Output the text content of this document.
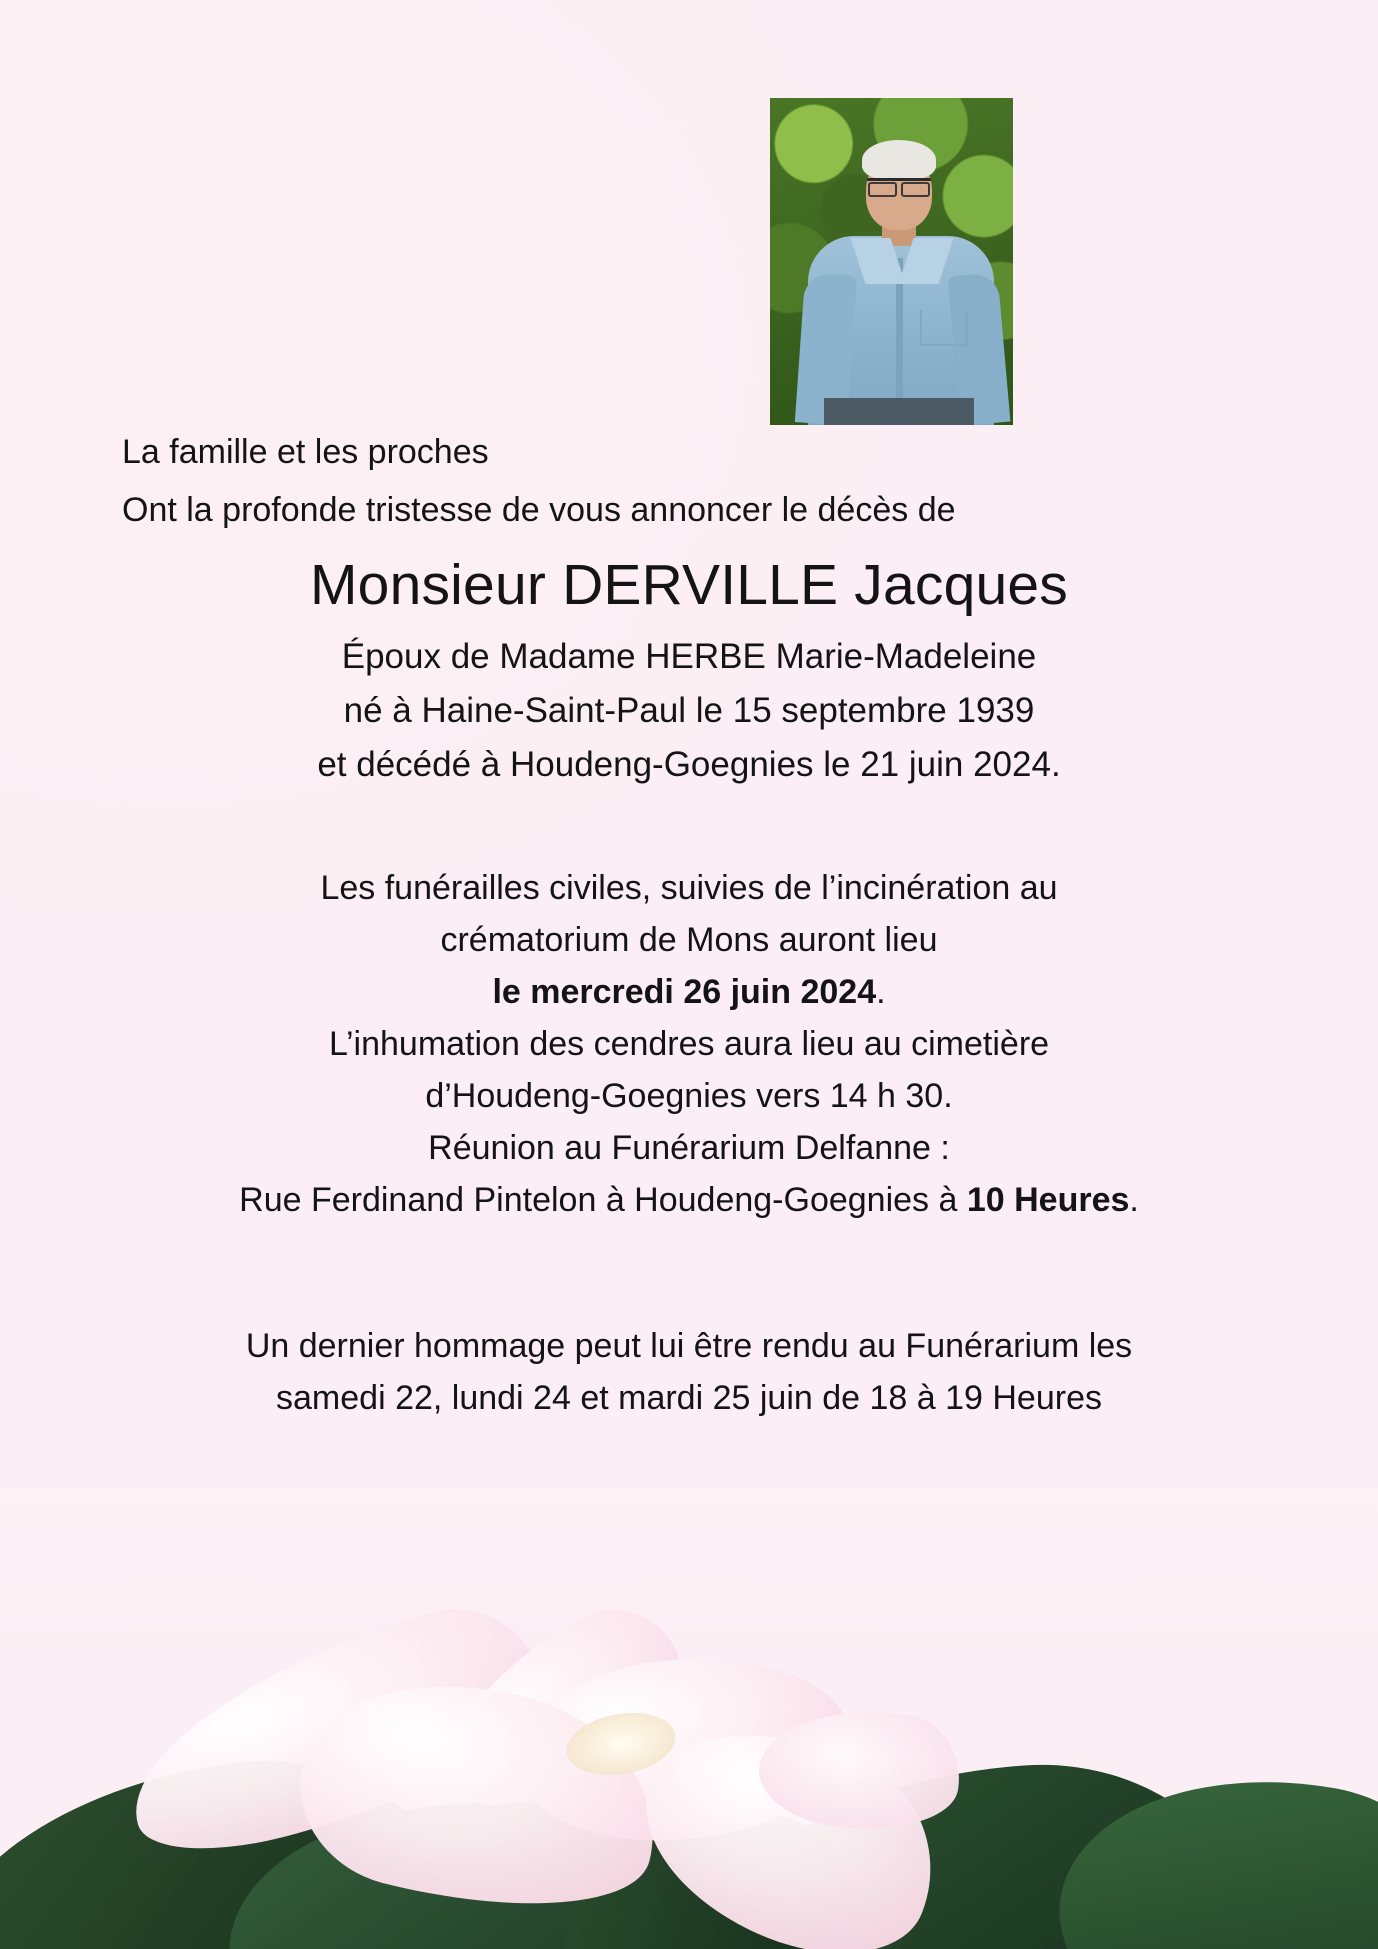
La famille et les proches
Ont la profonde tristesse de vous annoncer le décès de
Monsieur DERVILLE Jacques
Époux de Madame HERBE Marie-Madeleine
né à Haine-Saint-Paul le 15 septembre 1939
et décédé à Houdeng-Goegnies le 21 juin 2024.
Les funérailles civiles, suivies de l’incinération au
crématorium de Mons auront lieu
le mercredi 26 juin 2024.
L’inhumation des cendres aura lieu au cimetière
d’Houdeng-Goegnies vers 14 h 30.
Réunion au Funérarium Delfanne :
Rue Ferdinand Pintelon à Houdeng-Goegnies à 10 Heures.
Un dernier hommage peut lui être rendu au Funérarium les
samedi 22, lundi 24 et mardi 25 juin de 18 à 19 Heures
